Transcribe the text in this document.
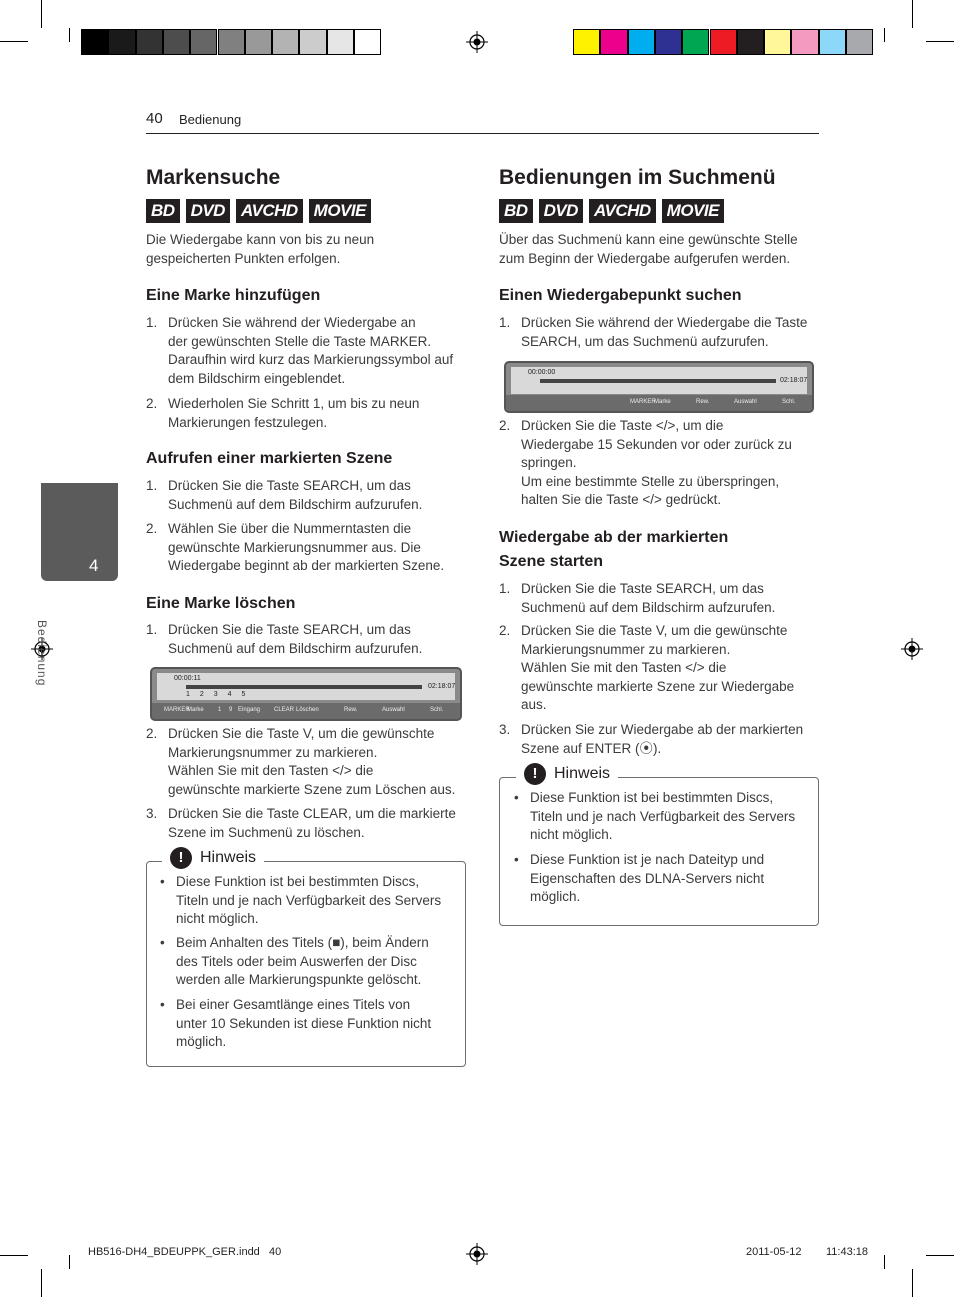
40 Bedienung
4
Bedienung
Markensuche
BD DVD AVCHD MOVIE
Die Wiedergabe kann von bis zu neun gespeicherten Punkten erfolgen.
Eine Marke hinzufügen
1. Drücken Sie während der Wiedergabe an
der gewünschten Stelle die Taste MARKER.
Daraufhin wird kurz das Markierungssymbol auf
dem Bildschirm eingeblendet.
2. Wiederholen Sie Schritt 1, um bis zu neun
Markierungen festzulegen.
Aufrufen einer markierten Szene
1. Drücken Sie die Taste SEARCH, um das
Suchmenü auf dem Bildschirm aufzurufen.
2. Wählen Sie über die Nummerntasten die
gewünschte Markierungsnummer aus. Die
Wiedergabe beginnt ab der markierten Szene.
Eine Marke löschen
1. Drücken Sie die Taste SEARCH, um das
Suchmenü auf dem Bildschirm aufzurufen.
00:00:11
02:18:07
1 2 3 4 5
MARKER
Marke 1 9 Eingang CLEAR Löschen	Rew.	Auswahl	Schl.
2. Drücken Sie die Taste V, um die gewünschte
Markierungsnummer zu markieren.
Wählen Sie mit den Tasten </> die
gewünschte markierte Szene zum Löschen aus.
3. Drücken Sie die Taste CLEAR, um die markierte
Szene im Suchmenü zu löschen.
!	Hinweis
• Diese Funktion ist bei bestimmten Discs,
Titeln und je nach Verfügbarkeit des Servers
nicht möglich.
• Beim Anhalten des Titels (■), beim Ändern
des Titels oder beim Auswerfen der Disc
werden alle Markierungspunkte gelöscht.
• Bei einer Gesamtlänge eines Titels von
unter 10 Sekunden ist diese Funktion nicht
möglich.
Bedienungen im Suchmenü
BD DVD AVCHD MOVIE
Über das Suchmenü kann eine gewünschte Stelle zum Beginn der Wiedergabe aufgerufen werden.
Einen Wiedergabepunkt suchen
1. Drücken Sie während der Wiedergabe die Taste
SEARCH, um das Suchmenü aufzurufen.
00:00:00
02:18:07
MARKER
Marke	Rew.	Auswahl	Schl.
2. Drücken Sie die Taste </>, um die
Wiedergabe 15 Sekunden vor oder zurück zu
springen.
Um eine bestimmte Stelle zu überspringen,
halten Sie die Taste </> gedrückt.
Wiedergabe ab der markierten
Szene starten
1. Drücken Sie die Taste SEARCH, um das
Suchmenü auf dem Bildschirm aufzurufen.
2. Drücken Sie die Taste V, um die gewünschte
Markierungsnummer zu markieren.
Wählen Sie mit den Tasten </> die
gewünschte markierte Szene zur Wiedergabe
aus.
3. Drücken Sie zur Wiedergabe ab der markierten
Szene auf ENTER (⦿).
!	Hinweis
• Diese Funktion ist bei bestimmten Discs,
Titeln und je nach Verfügbarkeit des Servers
nicht möglich.
• Diese Funktion ist je nach Dateityp und
Eigenschaften des DLNA-Servers nicht
möglich.
HB516-DH4_BDEUPPK_GER.indd   40	2011-05-12 11:43:18
